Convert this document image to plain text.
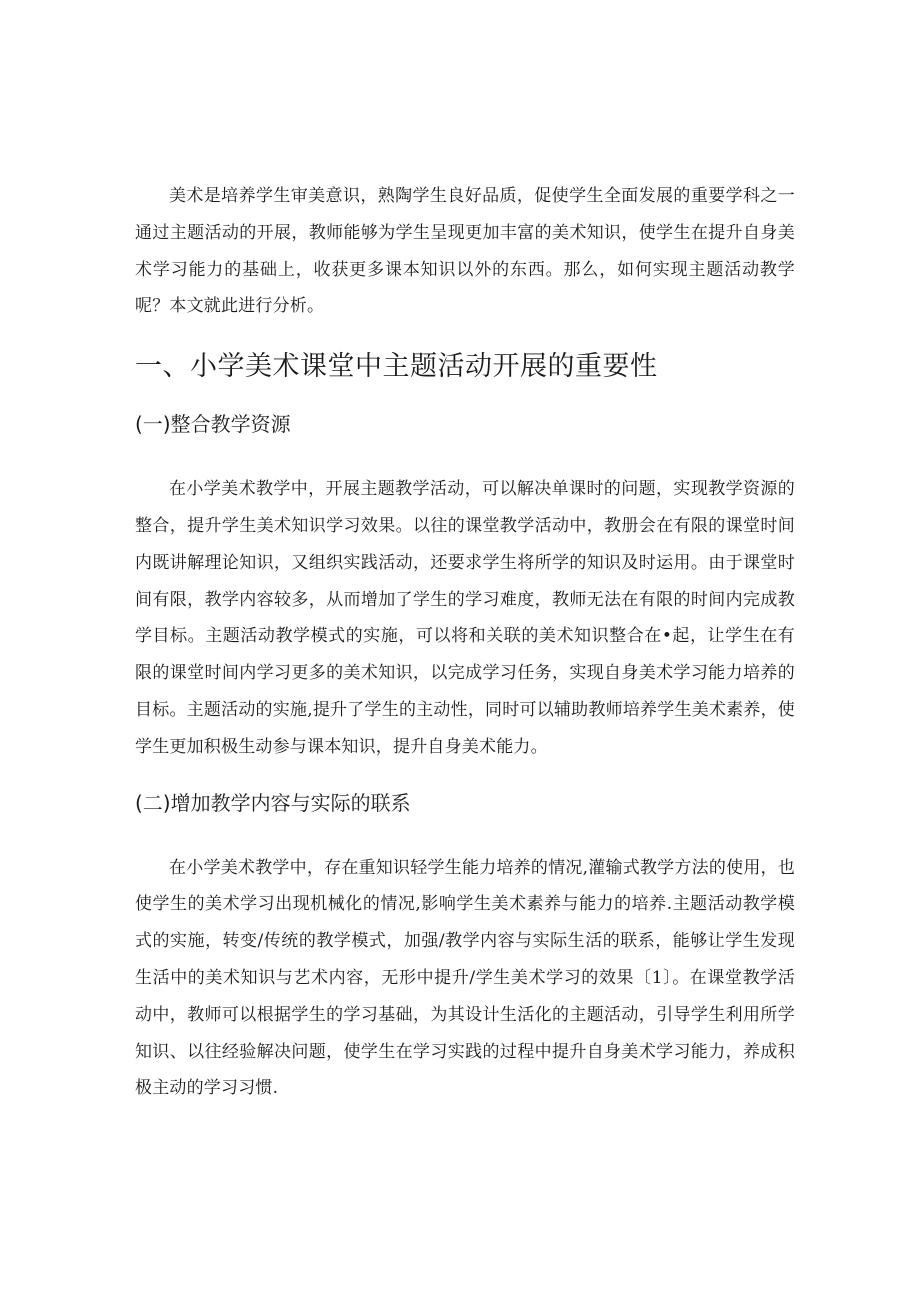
美术是培养学生审美意识，熟陶学生良好品质，促使学生全面发展的重要学科之一通过主题活动的开展，教师能够为学生呈现更加丰富的美术知识，使学生在提升自身美术学习能力的基础上，收获更多课本知识以外的东西。那么，如何实现主题活动教学呢？本文就此进行分析。

一、小学美术课堂中主题活动开展的重要性
(一)整合教学资源

在小学美术教学中，开展主题教学活动，可以解决单课时的问题，实现教学资源的整合，提升学生美术知识学习效果。以往的课堂教学活动中，教册会在有限的课堂时间内既讲解理论知识，又组织实践活动，还要求学生将所学的知识及时运用。由于课堂时间有限，教学内容较多，从而增加了学生的学习难度，教师无法在有限的时间内完成教学目标。主题活动教学模式的实施，可以将和关联的美术知识整合在•起，让学生在有限的课堂时间内学习更多的美术知识，以完成学习任务，实现自身美术学习能力培养的目标。主题活动的实施,提升了学生的主动性，同时可以辅助教师培养学生美术素养，使学生更加积极生动参与课本知识，提升自身美术能力。

(二)增加教学内容与实际的联系

在小学美术教学中，存在重知识轻学生能力培养的情况,灌输式教学方法的使用，也使学生的美术学习出现机械化的情况,影响学生美术素养与能力的培养.主题活动教学模式的实施，转变/传统的教学模式，加强/教学内容与实际生活的联系，能够让学生发现生活中的美术知识与艺术内容，无形中提升/学生美术学习的效果〔1〕。在课堂教学活动中，教师可以根据学生的学习基础，为其设计生活化的主题活动，引导学生利用所学知识、以往经验解决问题，使学生在学习实践的过程中提升自身美术学习能力，养成积极主动的学习习惯.
